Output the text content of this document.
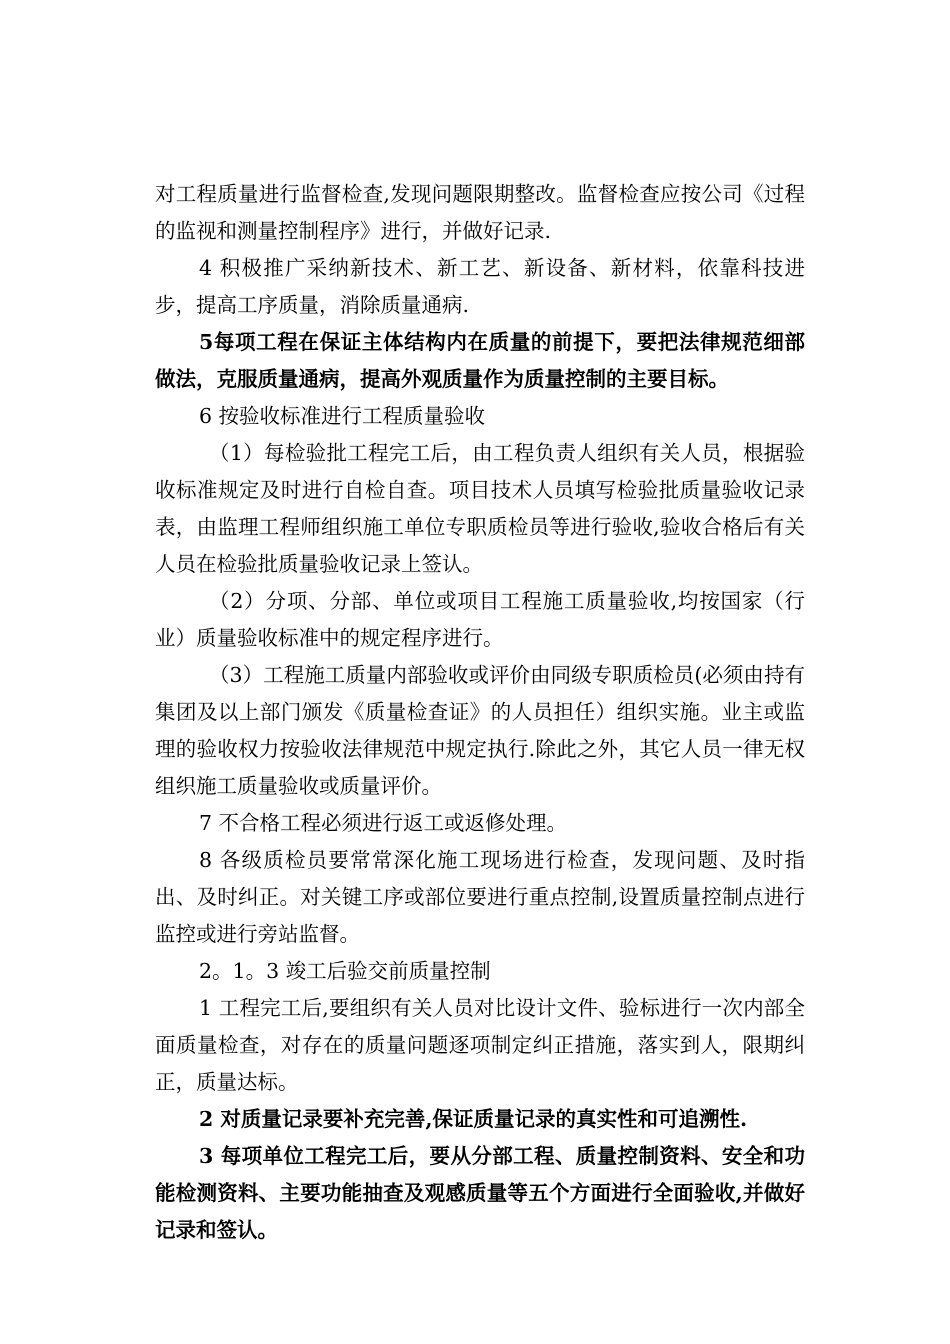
对工程质量进行监督检查,发现问题限期整改。监督检查应按公司《过程的监视和测量控制程序》进行，并做好记录.

4 积极推广采纳新技术、新工艺、新设备、新材料，依靠科技进步，提高工序质量，消除质量通病.

5每项工程在保证主体结构内在质量的前提下，要把法律规范细部做法，克服质量通病，提高外观质量作为质量控制的主要目标。

6 按验收标准进行工程质量验收

（1）每检验批工程完工后，由工程负责人组织有关人员，根据验收标准规定及时进行自检自查。项目技术人员填写检验批质量验收记录表，由监理工程师组织施工单位专职质检员等进行验收,验收合格后有关人员在检验批质量验收记录上签认。

（2）分项、分部、单位或项目工程施工质量验收,均按国家（行业）质量验收标准中的规定程序进行。

（3）工程施工质量内部验收或评价由同级专职质检员(必须由持有集团及以上部门颁发《质量检查证》的人员担任）组织实施。业主或监理的验收权力按验收法律规范中规定执行.除此之外，其它人员一律无权组织施工质量验收或质量评价。

7 不合格工程必须进行返工或返修处理。

8 各级质检员要常常深化施工现场进行检查，发现问题、及时指出、及时纠正。对关键工序或部位要进行重点控制,设置质量控制点进行监控或进行旁站监督。

2。1。3 竣工后验交前质量控制

1 工程完工后,要组织有关人员对比设计文件、验标进行一次内部全面质量检查，对存在的质量问题逐项制定纠正措施，落实到人，限期纠正，质量达标。

2 对质量记录要补充完善,保证质量记录的真实性和可追溯性.

3 每项单位工程完工后，要从分部工程、质量控制资料、安全和功能检测资料、主要功能抽查及观感质量等五个方面进行全面验收,并做好记录和签认。
